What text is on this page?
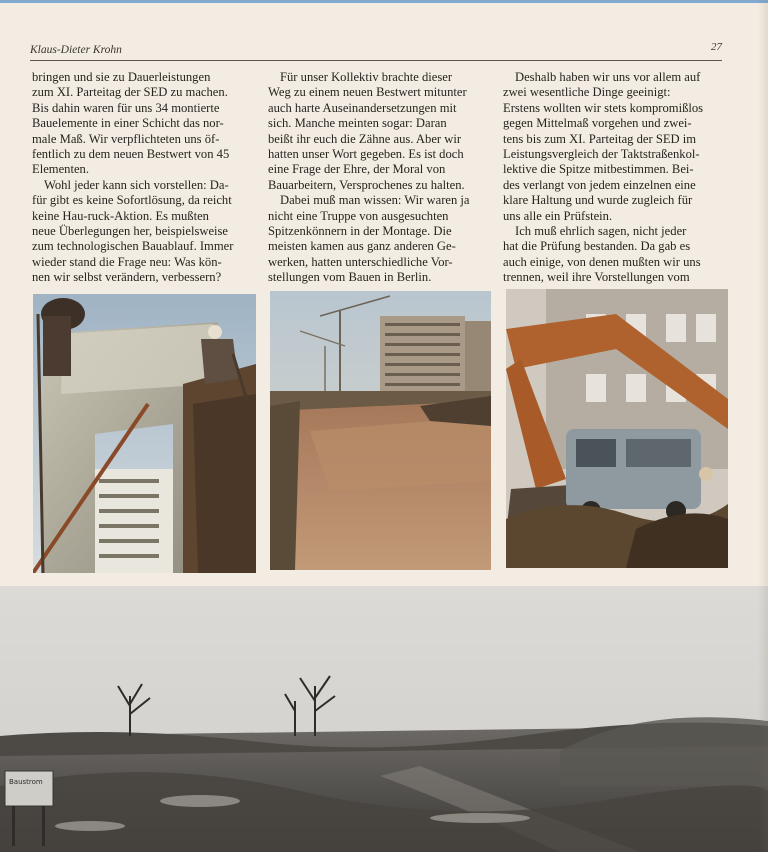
Klaus-Dieter Krohn	27

bringen und sie zu Dauerleistungen
zum XI. Parteitag der SED zu machen.
Bis dahin waren für uns 34 montierte
Bauelemente in einer Schicht das nor-
male Maß. Wir verpflichteten uns öf-
fentlich zu dem neuen Bestwert von 45
Elementen.

Wohl jeder kann sich vorstellen: Da-
für gibt es keine Sofortlösung, da reicht
keine Hau-ruck-Aktion. Es mußten
neue Überlegungen her, beispielsweise
zum technologischen Bauablauf. Immer
wieder stand die Frage neu: Was kön-
nen wir selbst verändern, verbessern?

Für unser Kollektiv brachte dieser
Weg zu einem neuen Bestwert mitunter
auch harte Auseinandersetzungen mit
sich. Manche meinten sogar: Daran
beißt ihr euch die Zähne aus. Aber wir
hatten unser Wort gegeben. Es ist doch
eine Frage der Ehre, der Moral von
Bauarbeitern, Versprochenes zu halten.

Dabei muß man wissen: Wir waren ja
nicht eine Truppe von ausgesuchten
Spitzenkönnern in der Montage. Die
meisten kamen aus ganz anderen Ge-
werken, hatten unterschiedliche Vor-
stellungen vom Bauen in Berlin.

Deshalb haben wir uns vor allem auf
zwei wesentliche Dinge geeinigt:
Erstens wollten wir stets kompromißlos
gegen Mittelmaß vorgehen und zwei-
tens bis zum XI. Parteitag der SED im
Leistungsvergleich der Taktstraßenkol-
lektive die Spitze mitbestimmen. Bei-
des verlangt von jedem einzelnen eine
klare Haltung und wurde zugleich für
uns alle ein Prüfstein.

Ich muß ehrlich sagen, nicht jeder
hat die Prüfung bestanden. Da gab es
auch einige, von denen mußten wir uns
trennen, weil ihre Vorstellungen vom

Baustrom
